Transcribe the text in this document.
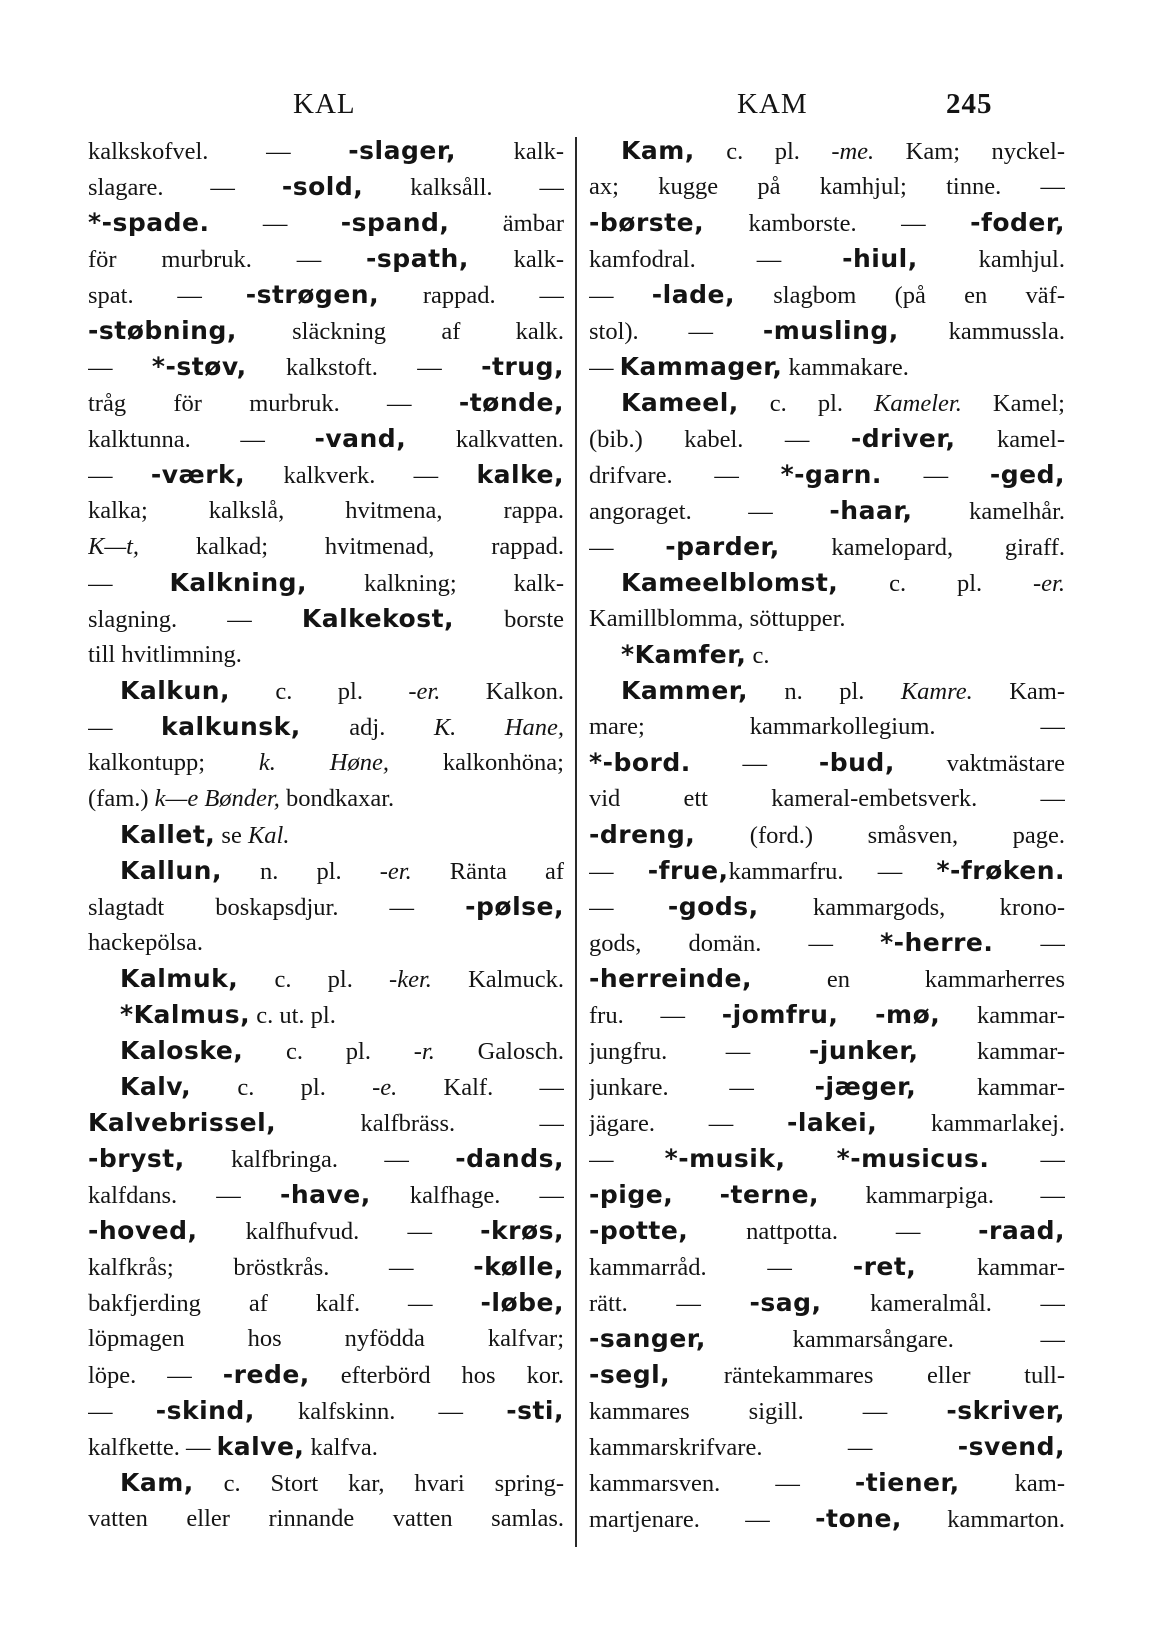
KAL	KAM	245
kalkskofvel. — -slager, kalk-
slagare. — -sold, kalksåll. —
*-spade. — -spand, ämbar
för murbruk. — -spath, kalk-
spat. — -strøgen, rappad. —
-støbning, släckning af kalk.
— *-støv, kalkstoft. — -trug,
tråg för murbruk. — -tønde,
kalktunna. — -vand, kalkvatten.
— -værk, kalkverk. — kalke,
kalka; kalkslå, hvitmena, rappa.
K—t, kalkad; hvitmenad, rappad.
— Kalkning, kalkning; kalk-
slagning. — Kalkekost, borste
till hvitlimning.
Kalkun, c. pl. -er. Kalkon.
— kalkunsk, adj. K. Hane,
kalkontupp; k. Høne, kalkonhöna;
(fam.) k—e Bønder, bondkaxar.
Kallet, se Kal.
Kallun, n. pl. -er. Ränta af
slagtadt boskapsdjur. — -pølse,
hackepölsa.
Kalmuk, c. pl. -ker. Kalmuck.
*Kalmus, c. ut. pl.
Kaloske, c. pl. -r. Galosch.
Kalv, c. pl. -e. Kalf. —
Kalvebrissel, kalfbräss. —
-bryst, kalfbringa. — -dands,
kalfdans. — -have, kalfhage. —
-hoved, kalfhufvud. — -krøs,
kalfkrås; bröstkrås. — -kølle,
bakfjerding af kalf. — -løbe,
löpmagen hos nyfödda kalfvar;
löpe. — -rede, efterbörd hos kor.
— -skind, kalfskinn. — -sti,
kalfkette. — kalve, kalfva.
Kam, c. Stort kar, hvari spring-
vatten eller rinnande vatten samlas.
Kam, c. pl. -me. Kam; nyckel-
ax; kugge på kamhjul; tinne. —
-børste, kamborste. — -foder,
kamfodral. — -hiul, kamhjul.
— -lade, slagbom (på en väf-
stol). — -musling, kammussla.
— Kammager, kammakare.
Kameel, c. pl. Kameler. Kamel;
(bib.) kabel. — -driver, kamel-
drifvare. — *-garn. — -ged,
angoraget. — -haar, kamelhår.
— -parder, kamelopard, giraff.
Kameelblomst, c. pl. -er.
Kamillblomma, söttupper.
*Kamfer, c.
Kammer, n. pl. Kamre. Kam-
mare; kammarkollegium. —
*-bord. — -bud, vaktmästare
vid ett kameral-embetsverk. —
-dreng, (ford.) småsven, page.
— -frue,kammarfru. — *-frøken.
— -gods, kammargods, krono-
gods, domän. — *-herre. —
-herreinde, en kammarherres
fru. — -jomfru, -mø, kammar-
jungfru. — -junker, kammar-
junkare. — -jæger, kammar-
jägare. — -lakei, kammarlakej.
— *-musik, *-musicus. —
-pige, -terne, kammarpiga. —
-potte, nattpotta. — -raad,
kammarråd. — -ret, kammar-
rätt. — -sag, kameralmål. —
-sanger, kammarsångare. —
-segl, räntekammares eller tull-
kammares sigill. — -skriver,
kammarskrifvare. — -svend,
kammarsven. — -tiener, kam-
martjenare. — -tone, kammarton.
